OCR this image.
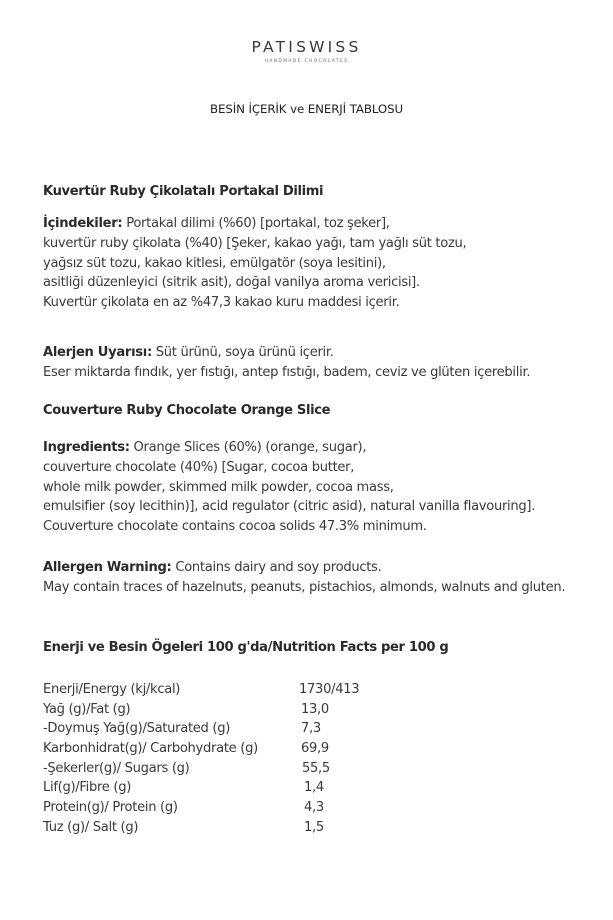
PATISWISS
HANDMADE CHOCOLATES
BESİN İÇERİK ve ENERJİ TABLOSU
Kuvertür Ruby Çikolatalı Portakal Dilimi
İçindekiler: Portakal dilimi (%60) [portakal, toz şeker],
kuvertür ruby çikolata (%40) [Şeker, kakao yağı, tam yağlı süt tozu,
yağsız süt tozu, kakao kitlesi, emülgatör (soya lesitini),
asitliği düzenleyici (sitrik asit), doğal vanilya aroma vericisi].
Kuvertür çikolata en az %47,3 kakao kuru maddesi içerir.
Alerjen Uyarısı: Süt ürünü, soya ürünü içerir.
Eser miktarda fındık, yer fıstığı, antep fıstığı, badem, ceviz ve glüten içerebilir.
Couverture Ruby Chocolate Orange Slice
Ingredients: Orange Slices (60%) (orange, sugar),
couverture chocolate (40%) [Sugar, cocoa butter,
whole milk powder, skimmed milk powder, cocoa mass,
emulsifier (soy lecithin)], acid regulator (citric asid), natural vanilla flavouring].
Couverture chocolate contains cocoa solids 47.3% minimum.
Allergen Warning: Contains dairy and soy products.
May contain traces of hazelnuts, peanuts, pistachios, almonds, walnuts and gluten.
Enerji ve Besin Ögeleri 100 g'da/Nutrition Facts per 100 g
Enerji/Energy (kj/kcal)	1730/413
Yağ (g)/Fat (g)	13,0
-Doymuş Yağ(g)/Saturated (g)	7,3
Karbonhidrat(g)/ Carbohydrate (g)	69,9
-Şekerler(g)/ Sugars (g)	55,5
Lif(g)/Fibre (g)	1,4
Protein(g)/ Protein (g)	4,3
Tuz (g)/ Salt (g)	1,5
